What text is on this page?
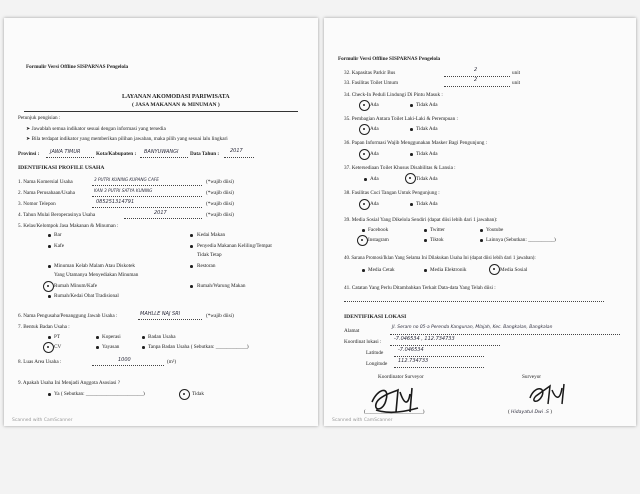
Formulir Versi Offline SISPARNAS Pengelola
LAYANAN AKOMODASI PARIWISATA
( JASA MAKANAN & MINUMAN )
Petunjuk pengisian :
➤ Jawablah semua indikator sesuai dengan informasi yang tersedia
➤ Bila terdapat indikator yang memberikan pilihan jawaban, maka pilih yang sesuai lalu lingkari
Provinsi : JAWA TIMUR	Kota/Kabupaten : BANYUWANGI Data Tahun : 2017
IDENTIFIKASI PROFILE USAHA
1. Nama Komersial Usaha	3 PUTRI KUNING KUPANG CAFE	(*wajib diisi)
2. Nama Perusahaan/Usaha	KAN 3 PUTRI SATYA KUNING	(*wajib diisi)
3. Nomor Telepon	085251314791	(*wajib diisi)
4. Tahun Mulai Beroperasinya Usaha	2017	(*wajib diisi)
5. Kelas/Kelompok Jasa Makanan & Minuman :
Bar	Kedai Makan
Kafe	Penyedia Makanan Keliling/Tempat
Tidak Tetap
Minuman Kelab Malam Atau Diskotek
Yang Utamanya Menyediakan Minuman
Restoran
Rumah Minum/Kafe	Rumah/Warung Makan
Rumah/Kedai Obat Tradisional
6. Nama Pengusaha/Penanggung Jawab Usaha :	MAHLLE NAJ SRI	(*wajib diisi)
7. Bentuk Badan Usaha :
PT	Koperasi	Badan Usaha
CV	Yayasan	Tanpa Badan Usaha ( Sebutkan: ____________)
8. Luas Area Usaha :	1000	(m²)
9. Apakah Usaha Ini Menjadi Anggota Asosiasi ?
Ya ( Sebutkan: ______________________)	Tidak
Scanned with CamScanner
Formulir Versi Offline SISPARNAS Pengelola
32. Kapasitas Parkir Bus	2	unit
33. Fasilitas Toilet Umum	2	unit
34. Check-In Peduli Lindungi Di Pintu Masuk :
Ada	Tidak Ada
35. Pembagian Antara Toilet Laki-Laki & Perempuan :
Ada	Tidak Ada
36. Papan Informasi Wajib Menggunakan Masker Bagi Pengunjung :
Ada	Tidak Ada
37. Ketersediaan Toilet Khusus Disabilitas & Lansia :
Ada	Tidak Ada
38. Fasilitas Cuci Tangan Untuk Pengunjung :
Ada	Tidak Ada
39. Media Sosial Yang Dikelola Sendiri (dapat diisi lebih dari 1 jawaban):
Facebook	Twitter	Youtube
Instagram	Tiktok	Lainnya (Sebutkan: __________)
40. Sarana Promosi/Iklan Yang Selama Ini Dilakukan Usaha Ini (dapat diisi lebih dari 1 jawaban):
Media Cetak	Media Elektronik	Media Sosial
41. Catatan Yang Perlu Ditambahkan Terkait Data-data Yang Telah diisi :
IDENTIFIKASI LOKASI
Alamat
Jl. Seram no 05-a Perenda Kangunan, Mlajah, Kec. Bangkalan, Bangkalan
Koordinat lokasi :	-7.046534 , 112.734733
Latitude	-7.046534
Longitude 112.734733
Koordinator Surveyor	Surveyor
( Hidayatul Dwi .S )
(______________________)
Scanned with CamScanner
